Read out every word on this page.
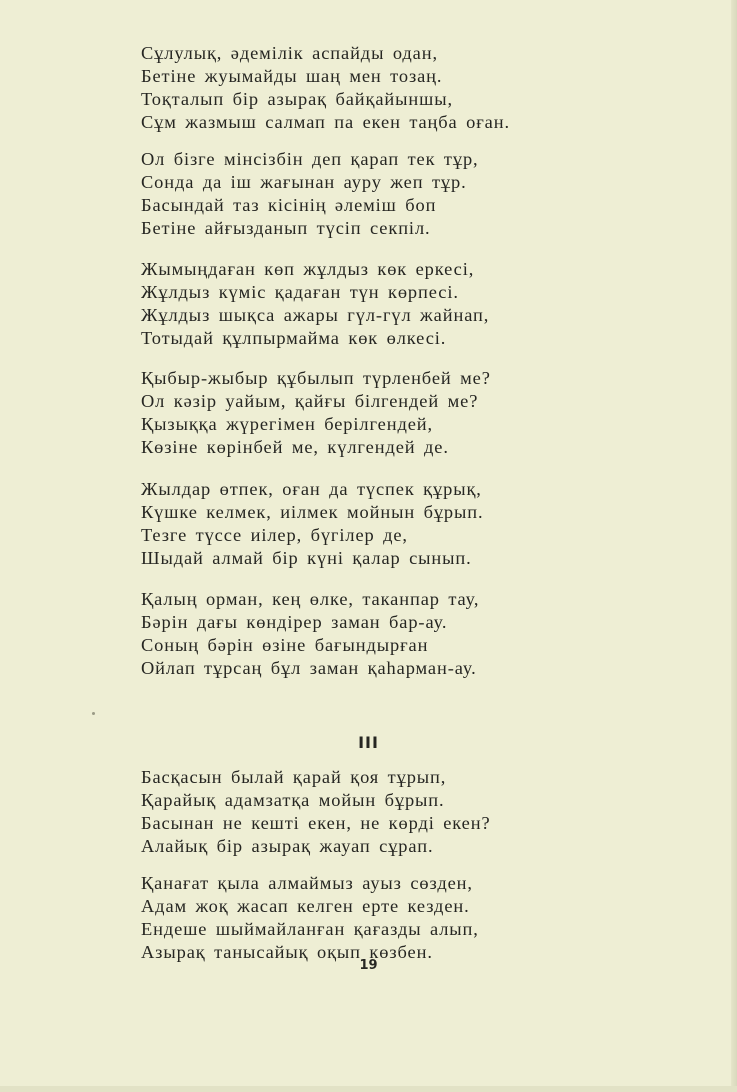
Сұлулық, әдемілік аспайды одан,
Бетіне жуымайды шаң мен тозаң.
Тоқталып бір азырақ байқайыншы,
Сұм жазмыш салмап па екен таңба оған.
Ол бізге мінсізбін деп қарап тек тұр,
Сонда да іш жағынан ауру жеп тұр.
Басындай таз кісінің әлеміш боп
Бетіне айғызданып түсіп секпіл.
Жымыңдаған көп жұлдыз көк еркесі,
Жұлдыз күміс қадаған түн көрпесі.
Жұлдыз шықса ажары гүл-гүл жайнап,
Тотыдай құлпырмайма көк өлкесі.
Қыбыр-жыбыр құбылып түрленбей ме?
Ол кәзір уайым, қайғы білгендей ме?
Қызыққа жүрегімен берілгендей,
Көзіне көрінбей ме, күлгендей де.
Жылдар өтпек, оған да түспек құрық,
Күшке келмек, иілмек мойнын бұрып.
Тезге түссе иілер, бүгілер де,
Шыдай алмай бір күні қалар сынып.
Қалың орман, кең өлке, таканпар тау,
Бәрін дағы көндірер заман бар-ау.
Соның бәрін өзіне бағындырған
Ойлап тұрсаң бұл заман қаһарман-ау.
III
Басқасын былай қарай қоя тұрып,
Қарайық адамзатқа мойын бұрып.
Басынан не кешті екен, не көрді екен?
Алайық бір азырақ жауап сұрап.
Қанағат қыла алмаймыз ауыз сөзден,
Адам жоқ жасап келген ерте кезден.
Ендеше шыймайланған қағазды алып,
Азырақ танысайық оқып көзбен.
19
